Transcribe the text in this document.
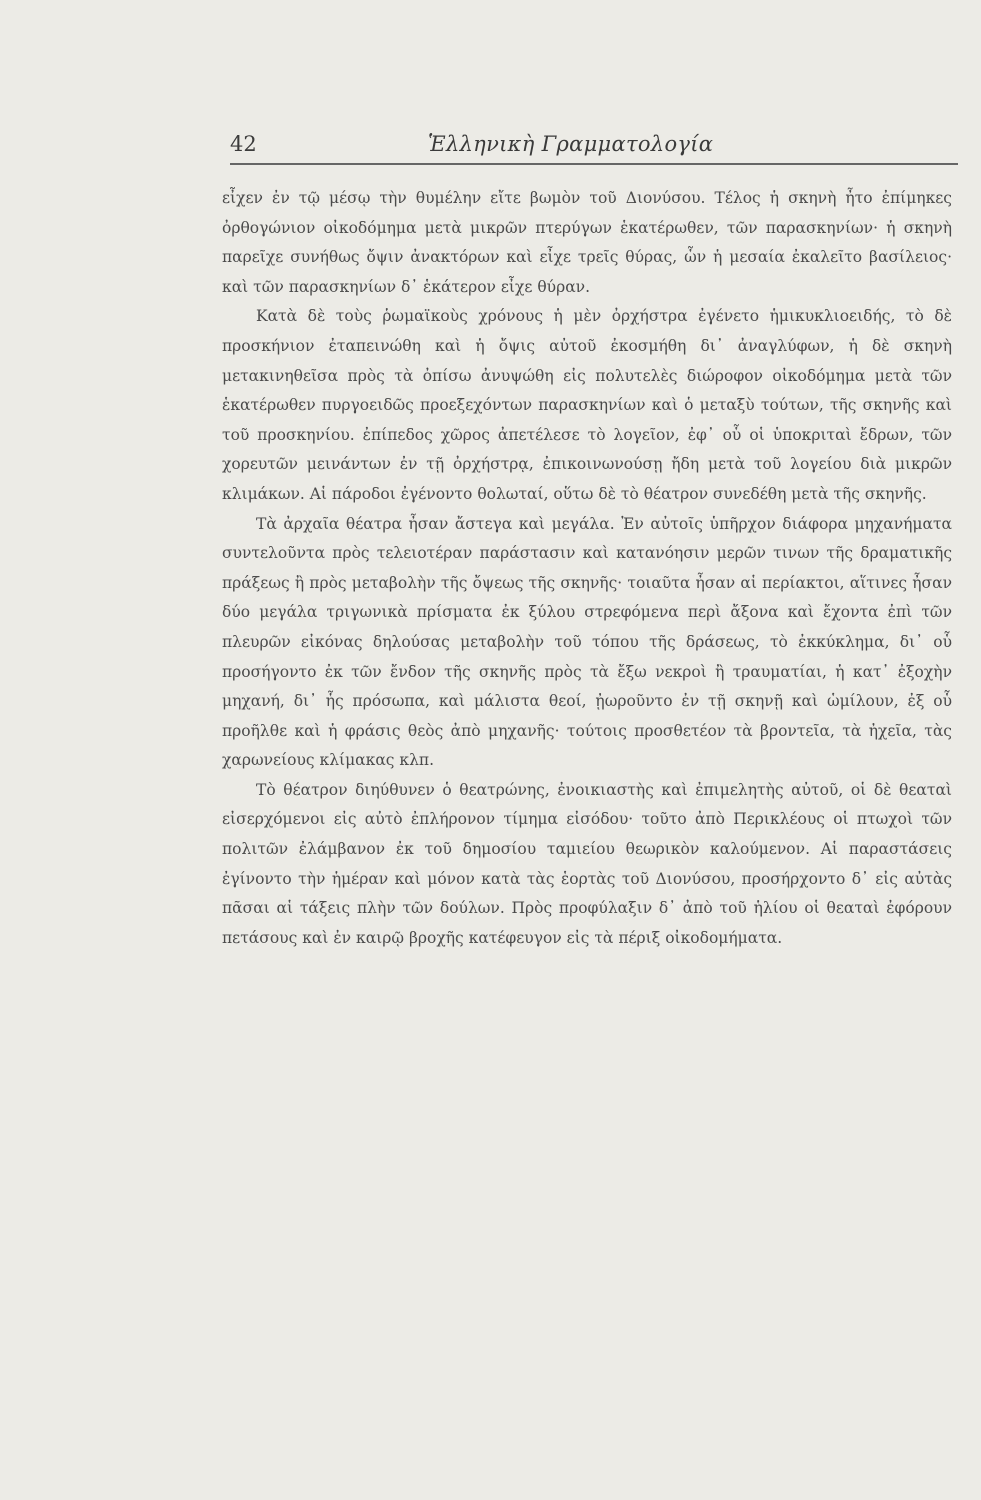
42	Ἑλληνικὴ Γραμματολογία

εἶχεν ἐν τῷ μέσῳ τὴν θυμέλην εἴτε βωμὸν τοῦ Διονύσου. Τέλος ἡ σκηνὴ ἦτο ἐπίμηκες ὀρθογώνιον οἰκοδόμημα μετὰ μικρῶν πτερύγων ἑκατέρωθεν, τῶν παρασκηνίων· ἡ σκηνὴ παρεῖχε συνήθως ὄψιν ἀνακτόρων καὶ εἶχε τρεῖς θύρας, ὧν ἡ μεσαία ἐκαλεῖτο βασίλειος· καὶ τῶν παρασκηνίων δ᾽ ἑκάτερον εἶχε θύραν.

Κατὰ δὲ τοὺς ῥωμαϊκοὺς χρόνους ἡ μὲν ὀρχήστρα ἐγένετο ἡμικυκλιοειδής, τὸ δὲ προσκήνιον ἐταπεινώθη καὶ ἡ ὄψις αὐτοῦ ἐκοσμήθη δι᾽ ἀναγλύφων, ἡ δὲ σκηνὴ μετακινηθεῖσα πρὸς τὰ ὀπίσω ἀνυψώθη εἰς πολυτελὲς διώροφον οἰκοδόμημα μετὰ τῶν ἑκατέρωθεν πυργοειδῶς προεξεχόντων παρασκηνίων καὶ ὁ μεταξὺ τούτων, τῆς σκηνῆς καὶ τοῦ προσκηνίου. ἐπίπεδος χῶρος ἀπετέλεσε τὸ λογεῖον, ἐφ᾽ οὗ οἱ ὑποκριταὶ ἔδρων, τῶν χορευτῶν μεινάντων ἐν τῇ ὀρχήστρᾳ, ἐπικοινωνούσῃ ἤδη μετὰ τοῦ λογείου διὰ μικρῶν κλιμάκων. Αἱ πάροδοι ἐγένοντο θολωταί, οὕτω δὲ τὸ θέατρον συνεδέθη μετὰ τῆς σκηνῆς.

Τὰ ἀρχαῖα θέατρα ἦσαν ἄστεγα καὶ μεγάλα. Ἐν αὐτοῖς ὑπῆρχον διάφορα μηχανήματα συντελοῦντα πρὸς τελειοτέραν παράστασιν καὶ κατανόησιν μερῶν τινων τῆς δραματικῆς πράξεως ἢ πρὸς μεταβολὴν τῆς ὄψεως τῆς σκηνῆς· τοιαῦτα ἦσαν αἱ περίακτοι, αἵτινες ἦσαν δύο μεγάλα τριγωνικὰ πρίσματα ἐκ ξύλου στρεφόμενα περὶ ἄξονα καὶ ἔχοντα ἐπὶ τῶν πλευρῶν εἰκόνας δηλούσας μεταβολὴν τοῦ τόπου τῆς δράσεως, τὸ ἐκκύκλημα, δι᾽ οὗ προσήγοντο ἐκ τῶν ἔνδον τῆς σκηνῆς πρὸς τὰ ἔξω νεκροὶ ἢ τραυματίαι, ἡ κατ᾽ ἐξοχὴν μηχανή, δι᾽ ἧς πρόσωπα, καὶ μάλιστα θεοί, ᾐωροῦντο ἐν τῇ σκηνῇ καὶ ὡμίλουν, ἐξ οὗ προῆλθε καὶ ἡ φράσις θεὸς ἀπὸ μηχανῆς· τούτοις προσθετέον τὰ βροντεῖα, τὰ ἠχεῖα, τὰς χαρωνείους κλίμακας κλπ.

Τὸ θέατρον διηύθυνεν ὁ θεατρώνης, ἐνοικιαστὴς καὶ ἐπιμελητὴς αὐτοῦ, οἱ δὲ θεαταὶ εἰσερχόμενοι εἰς αὐτὸ ἐπλήρονον τίμημα εἰσόδου· τοῦτο ἀπὸ Περικλέους οἱ πτωχοὶ τῶν πολιτῶν ἐλάμβανον ἐκ τοῦ δημοσίου ταμιείου θεωρικὸν καλούμενον. Αἱ παραστάσεις ἐγίνοντο τὴν ἡμέραν καὶ μόνον κατὰ τὰς ἑορτὰς τοῦ Διονύσου, προσήρχοντο δ᾽ εἰς αὐτὰς πᾶσαι αἱ τάξεις πλὴν τῶν δούλων. Πρὸς προφύλαξιν δ᾽ ἀπὸ τοῦ ἡλίου οἱ θεαταὶ ἐφόρουν πετάσους καὶ ἐν καιρῷ βροχῆς κατέφευγον εἰς τὰ πέριξ οἰκοδομήματα.
